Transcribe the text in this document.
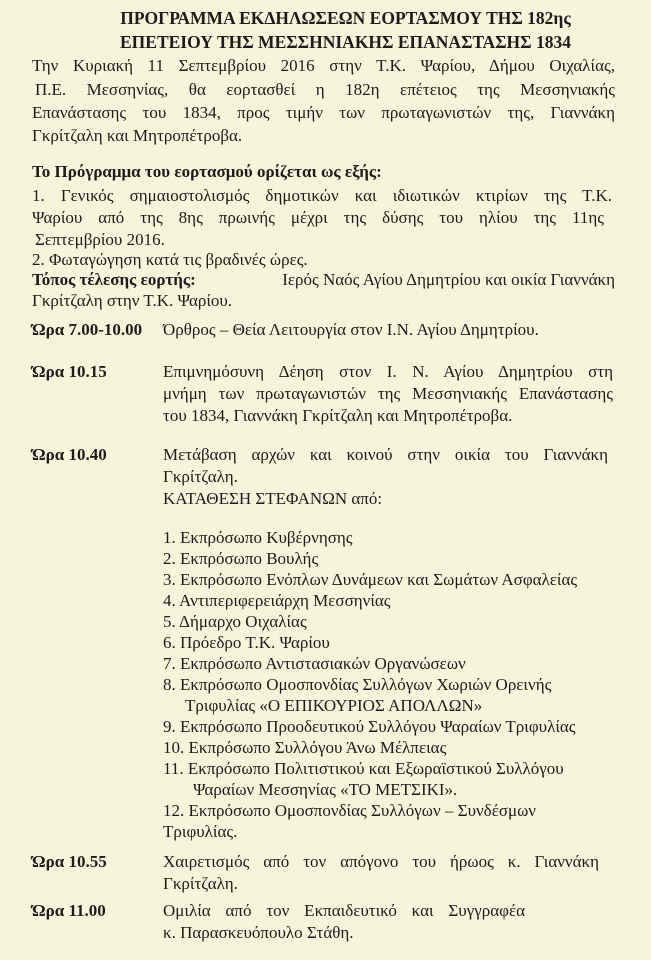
ΠΡΟΓΡΑΜΜΑ ΕΚΔΗΛΩΣΕΩΝ ΕΟΡΤΑΣΜΟΥ ΤΗΣ 182ης
ΕΠΕΤΕΙΟΥ ΤΗΣ ΜΕΣΣΗΝΙΑΚΗΣ ΕΠΑΝΑΣΤΑΣΗΣ 1834
Την Κυριακή 11 Σεπτεμβρίου 2016 στην Τ.Κ. Ψαρίου, Δήμου Οιχαλίας,
Π.Ε. Μεσσηνίας, θα εορτασθεί η 182η επέτειος της Μεσσηνιακής
Επανάστασης του 1834, προς τιμήν των πρωταγωνιστών της, Γιαννάκη
Γκρίτζαλη και Μητροπέτροβα.
Το Πρόγραμμα του εορτασμού ορίζεται ως εξής:
1. Γενικός σημαιοστολισμός δημοτικών και ιδιωτικών κτιρίων της Τ.Κ.
Ψαρίου από της 8ης πρωινής μέχρι της δύσης του ηλίου της 11ης
Σεπτεμβρίου 2016.
2. Φωταγώγηση κατά τις βραδινές ώρες.
Τόπος τέλεσης εορτής:	Ιερός Ναός Αγίου Δημητρίου και οικία Γιαννάκη
Γκρίτζαλη στην Τ.Κ. Ψαρίου.
Ώρα 7.00-10.00 Όρθρος – Θεία Λειτουργία στον Ι.Ν. Αγίου Δημητρίου.
Ώρα 10.15	Επιμνημόσυνη Δέηση στον Ι. Ν. Αγίου Δημητρίου στη
μνήμη των πρωταγωνιστών της Μεσσηνιακής Επανάστασης
του 1834, Γιαννάκη Γκρίτζαλη και Μητροπέτροβα.
Ώρα 10.40	Μετάβαση αρχών και κοινού στην οικία του Γιαννάκη
Γκρίτζαλη.
ΚΑΤΑΘΕΣΗ ΣΤΕΦΑΝΩΝ από:
1. Εκπρόσωπο Κυβέρνησης
2. Εκπρόσωπο Βουλής
3. Εκπρόσωπο Ενόπλων Δυνάμεων και Σωμάτων Ασφαλείας
4. Αντιπεριφερειάρχη Μεσσηνίας
5. Δήμαρχο Οιχαλίας
6. Πρόεδρο Τ.Κ. Ψαρίου
7. Εκπρόσωπο Αντιστασιακών Οργανώσεων
8. Εκπρόσωπο Ομοσπονδίας Συλλόγων Χωριών Ορεινής
Τριφυλίας «Ο ΕΠΙΚΟΥΡΙΟΣ ΑΠΟΛΛΩΝ»
9. Εκπρόσωπο Προοδευτικού Συλλόγου Ψαραίων Τριφυλίας
10. Εκπρόσωπο Συλλόγου Άνω Μέλπειας
11. Εκπρόσωπο Πολιτιστικού και Εξωραϊστικού Συλλόγου
Ψαραίων Μεσσηνίας «ΤΟ ΜΕΤΣΙΚΙ».
12. Εκπρόσωπο Ομοσπονδίας Συλλόγων – Συνδέσμων
Τριφυλίας.
Ώρα 10.55	Χαιρετισμός από τον απόγονο του ήρωος κ. Γιαννάκη
Γκρίτζαλη.
Ώρα 11.00	Ομιλία από τον Εκπαιδευτικό και Συγγραφέα
κ. Παρασκευόπουλο Στάθη.
